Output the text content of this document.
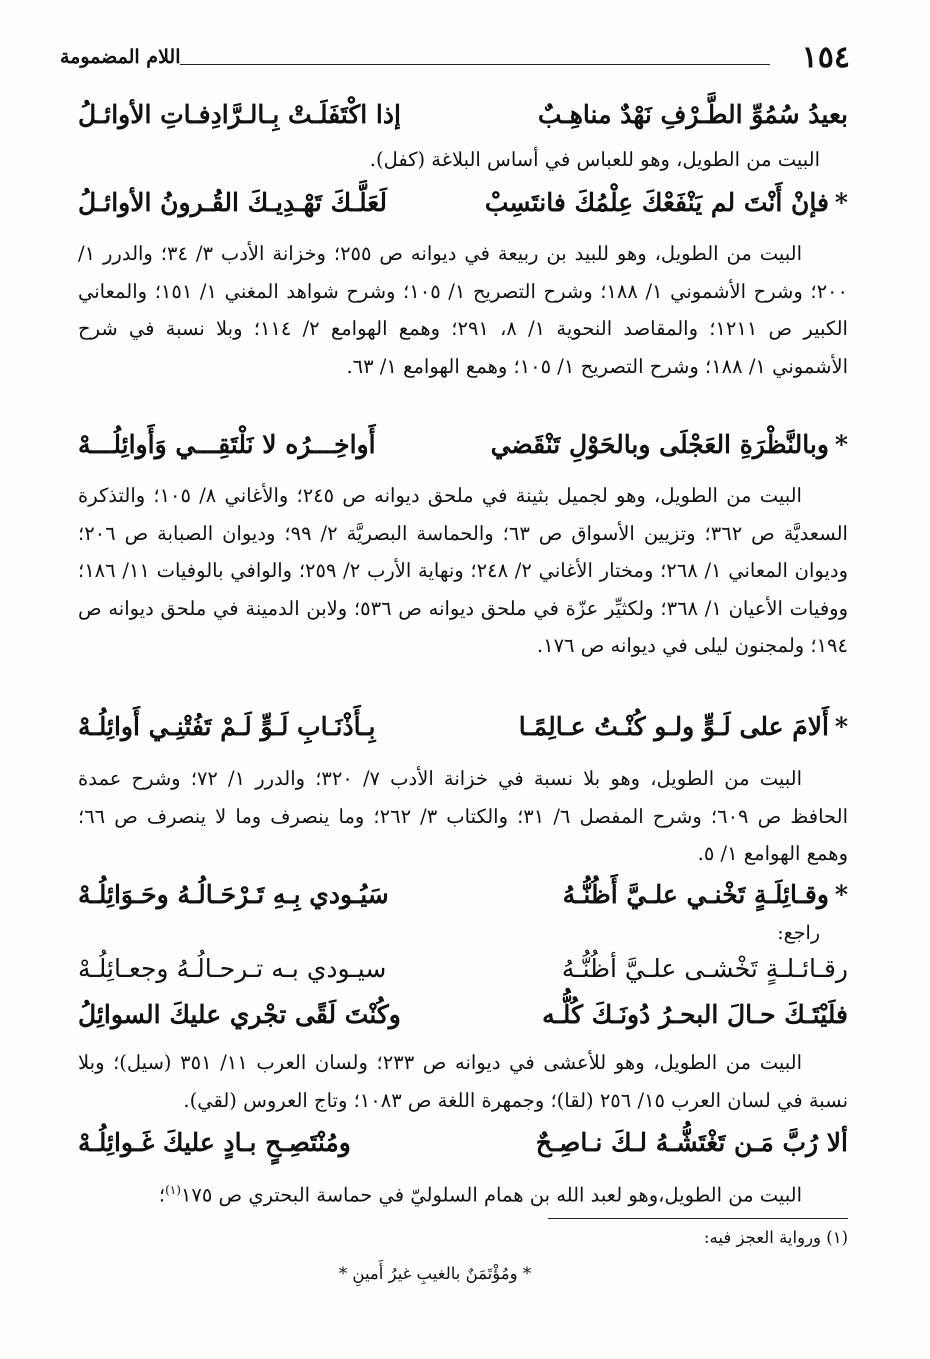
١٥٤
اللام المضمومة
بعيدُ سُمُوِّ الطَّـرْفِ نَهْدٌ مناهِـبٌ
إذا اكْتَفَلَـتْ بِـالـرَّادِفـاتِ الأوائـلُ
البيت من الطويل، وهو للعباس في أساس البلاغة (كفل).
*فإنْ أَنْتَ لم يَنْفَعْكَ عِلْمُكَ فانتَسِبْ
لَعَلَّـكَ تَهْـدِيـكَ القُـرونُ الأوائـلُ
البيت من الطويل، وهو للبيد بن ربيعة في ديوانه ص ٢٥٥؛ وخزانة الأدب ٣/ ٣٤؛ والدرر ١/ ٢٠٠؛ وشرح الأشموني ١/ ١٨٨؛ وشرح التصريح ١/ ١٠٥؛ وشرح شواهد المغني ١/ ١٥١؛ والمعاني الكبير ص ١٢١١؛ والمقاصد النحوية ١/ ٨، ٢٩١؛ وهمع الهوامع ٢/ ١١٤؛ وبلا نسبة في شرح الأشموني ١/ ١٨٨؛ وشرح التصريح ١/ ١٠٥؛ وهمع الهوامع ١/ ٦٣.
*وبالنَّظْرَةِ العَجْلَى وبالحَوْلِ تَنْقَضي
أَواخِـــرُه لا نَلْتَقِـــي وَأَوائِلُـــهْ
البيت من الطويل، وهو لجميل بثينة في ملحق ديوانه ص ٢٤٥؛ والأغاني ٨/ ١٠٥؛ والتذكرة السعديَّة ص ٣٦٢؛ وتزيين الأسواق ص ٦٣؛ والحماسة البصريَّة ٢/ ٩٩؛ وديوان الصبابة ص ٢٠٦؛ وديوان المعاني ١/ ٢٦٨؛ ومختار الأغاني ٢/ ٢٤٨؛ ونهاية الأرب ٢/ ٢٥٩؛ والوافي بالوفيات ١١/ ١٨٦؛ ووفيات الأعيان ١/ ٣٦٨؛ ولكثيِّر عزّة في ملحق ديوانه ص ٥٣٦؛ ولابن الدمينة في ملحق ديوانه ص ١٩٤؛ ولمجنون ليلى في ديوانه ص ١٧٦.
*أَلامَ على لَـوٍّ ولـو كُنْـتُ عـالِمًـا
بِـأَذْنَـابِ لَـوٍّ لَـمْ تَفُتْنِـي أَوائِلُـهْ
البيت من الطويل، وهو بلا نسبة في خزانة الأدب ٧/ ٣٢٠؛ والدرر ١/ ٧٢؛ وشرح عمدة الحافظ ص ٦٠٩؛ وشرح المفصل ٦/ ٣١؛ والكتاب ٣/ ٢٦٢؛ وما ينصرف وما لا ينصرف ص ٦٦؛ وهمع الهوامع ١/ ٥.
*وقـائِلَـةٍ تَخْنـي علـيَّ أَظُنُّـهُ
سَيُـودي بِـهِ تَـرْحَـالُـهُ وحَـوَائِلُـهْ
راجع:
رقـائـلـةٍ تَخْشـى علـيَّ أظُنُّـهُ
سيـودي بـه تـرحـالُـهُ وجعـائِلُـهْ
فلَيْتَـكَ حـالَ البحـرُ دُونَـكَ كُلُّـه
وكُنْتَ لَقًى تجْري عليكَ السوائِلُ
البيت من الطويل، وهو للأعشى في ديوانه ص ٢٣٣؛ ولسان العرب ١١/ ٣٥١ (سيل)؛ وبلا نسبة في لسان العرب ١٥/ ٢٥٦ (لقا)؛ وجمهرة اللغة ص ١٠٨٣؛ وتاج العروس (لقي).
ألا رُبَّ مَـن تَغْتَشُّـهُ لـكَ نـاصِـحٌ
ومُنْتَصِـحٍ بـادٍ عليكَ غَـوائِلُـهْ
البيت من الطويل،وهو لعبد الله بن همام السلوليّ في حماسة البحتري ص ١٧٥$^{(١)}$؛
(١) ورواية العجز فيه:
* ومُؤْتَمَنٌ بالغيبِ غيرُ أَمينِ *
